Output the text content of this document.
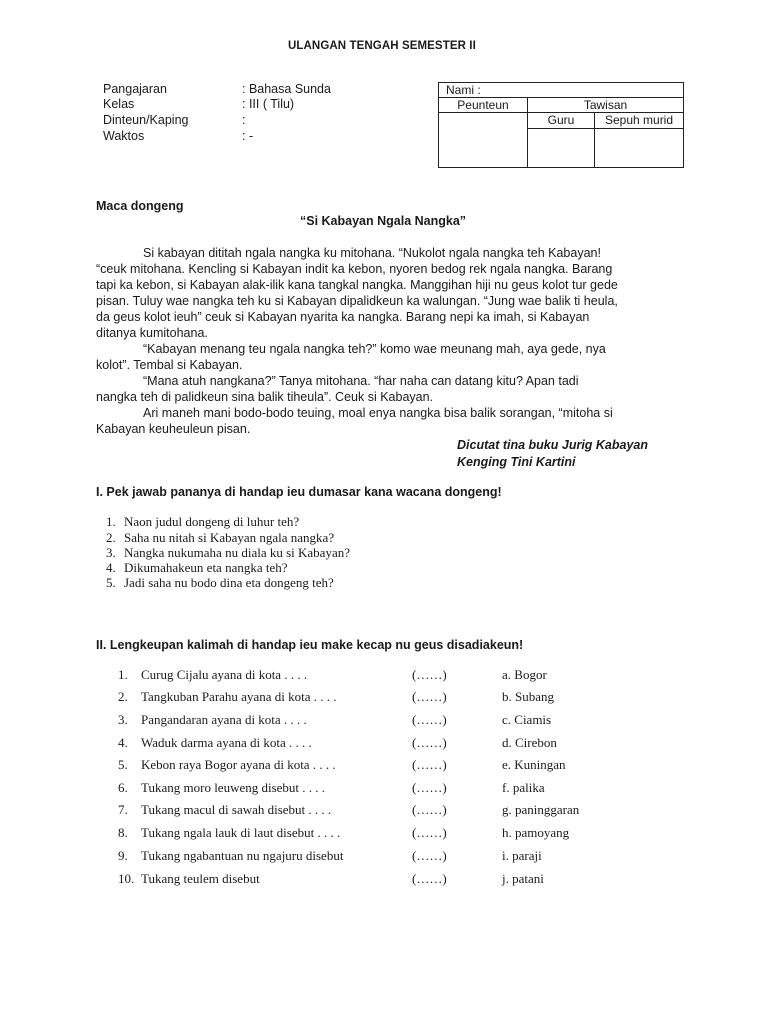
ULANGAN TENGAH SEMESTER II
Pangajaran	: Bahasa Sunda
Kelas	: III ( Tilu)
Dinteun/Kaping	:
Waktos	: -
Nami :		
Peunteun	Tawisan	
	Guru	Sepuh murid

Maca dongeng
“Si Kabayan Ngala Nangka”
Si kabayan dititah ngala nangka ku mitohana. “Nukolot ngala nangka teh Kabayan!
“ceuk mitohana. Kencling si Kabayan indit ka kebon, nyoren bedog rek ngala nangka. Barang
tapi ka kebon, si Kabayan alak-ilik kana tangkal nangka. Manggihan hiji nu geus kolot tur gede
pisan. Tuluy wae nangka teh ku si Kabayan dipalidkeun ka walungan. “Jung wae balik ti heula,
da geus kolot ieuh” ceuk si Kabayan nyarita ka nangka. Barang nepi ka imah, si Kabayan
ditanya kumitohana.
“Kabayan menang teu ngala nangka teh?” komo wae meunang mah, aya gede, nya
kolot”. Tembal si Kabayan.
“Mana atuh nangkana?” Tanya mitohana. “har naha can datang kitu? Apan tadi
nangka teh di palidkeun sina balik tiheula”. Ceuk si Kabayan.
Ari maneh mani bodo-bodo teuing, moal enya nangka bisa balik sorangan, “mitoha si
Kabayan keuheuleun pisan.
Dicutat tina buku Jurig Kabayan
Kenging Tini Kartini
I. Pek jawab pananya di handap ieu dumasar kana wacana dongeng!
1. Naon judul dongeng di luhur teh?
2. Saha nu nitah si Kabayan ngala nangka?
3. Nangka nukumaha nu diala ku si Kabayan?
4. Dikumahakeun eta nangka teh?
5. Jadi saha nu bodo dina eta dongeng teh?
II. Lengkeupan kalimah di handap ieu make kecap nu geus disadiakeun!
1. Curug Cijalu ayana di kota . . . .	(……)	a. Bogor
2. Tangkuban Parahu ayana di kota . . . .	(……)	b. Subang
3. Pangandaran ayana di kota . . . .	(……)	c. Ciamis
4. Waduk darma ayana di kota . . . .	(……)	d. Cirebon
5. Kebon raya Bogor ayana di kota . . . .	(……)	e. Kuningan
6. Tukang moro leuweng disebut . . . .	(……)	f. palika
7. Tukang macul di sawah disebut . . . .	(……)	g. paninggaran
8. Tukang ngala lauk di laut disebut . . . .	(……)	h. pamoyang
9. Tukang ngabantuan nu ngajuru disebut	(……)	i. paraji
10. Tukang teulem disebut	(……)	j. patani
